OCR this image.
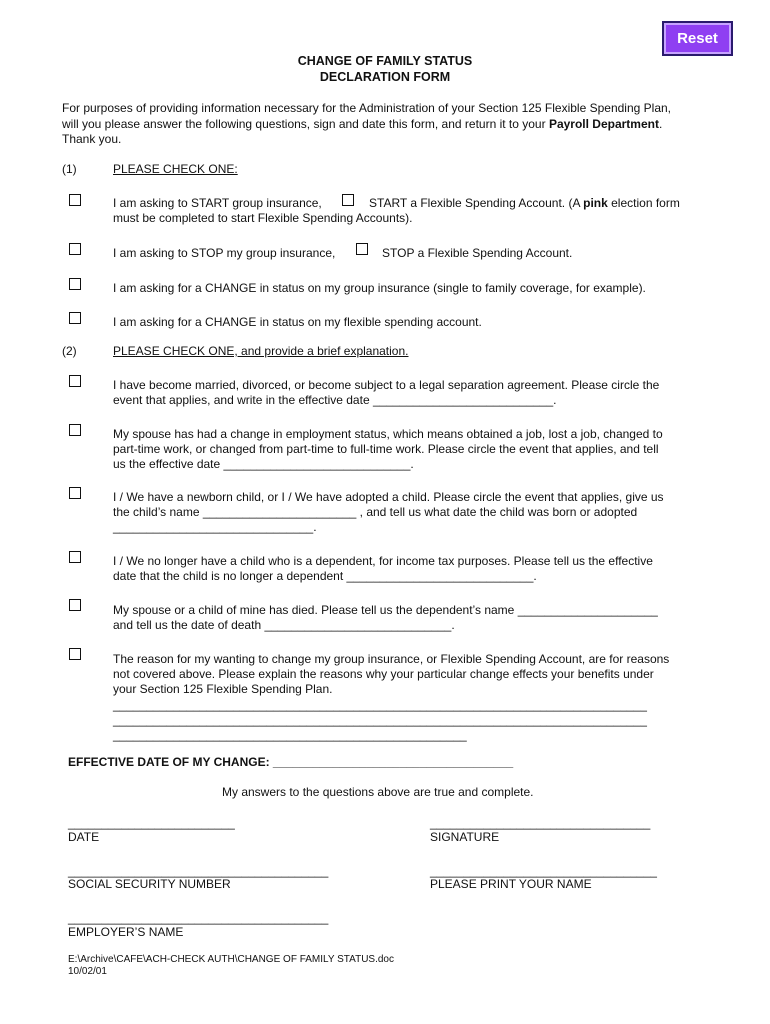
Reset
CHANGE OF FAMILY STATUS
DECLARATION FORM
For purposes of providing information necessary for the Administration of your Section 125 Flexible Spending Plan,
will you please answer the following questions, sign and date this form, and return it to your Payroll Department.
Thank you.
(1)	PLEASE CHECK ONE:
I am asking to START group insurance,	START a Flexible Spending Account. (A pink election form
must be completed to start Flexible Spending Accounts).
I am asking to STOP my group insurance,	STOP a Flexible Spending Account.
I am asking for a CHANGE in status on my group insurance (single to family coverage, for example).
I am asking for a CHANGE in status on my flexible spending account.
(2)	PLEASE CHECK ONE, and provide a brief explanation.
I have become married, divorced, or become subject to a legal separation agreement. Please circle the
event that applies, and write in the effective date ___________________________.
My spouse has had a change in employment status, which means obtained a job, lost a job, changed to
part-time work, or changed from part-time to full-time work. Please circle the event that applies, and tell
us the effective date ____________________________.
I / We have a newborn child, or I / We have adopted a child. Please circle the event that applies, give us
the child’s name _______________________ , and tell us what date the child was born or adopted
______________________________.
I / We no longer have a child who is a dependent, for income tax purposes. Please tell us the effective
date that the child is no longer a dependent ____________________________.
My spouse or a child of mine has died. Please tell us the dependent’s name _____________________
and tell us the date of death ____________________________.
The reason for my wanting to change my group insurance, or Flexible Spending Account, are for reasons
not covered above. Please explain the reasons why your particular change effects your benefits under
your Section 125 Flexible Spending Plan.
________________________________________________________________________________
________________________________________________________________________________
_____________________________________________________
EFFECTIVE DATE OF MY CHANGE: ____________________________________
My answers to the questions above are true and complete.
_________________________
DATE
_________________________________
SIGNATURE
_______________________________________
SOCIAL SECURITY NUMBER
__________________________________
PLEASE PRINT YOUR NAME
_______________________________________
EMPLOYER’S NAME
E:\Archive\CAFE\ACH-CHECK AUTH\CHANGE OF FAMILY STATUS.doc
10/02/01
